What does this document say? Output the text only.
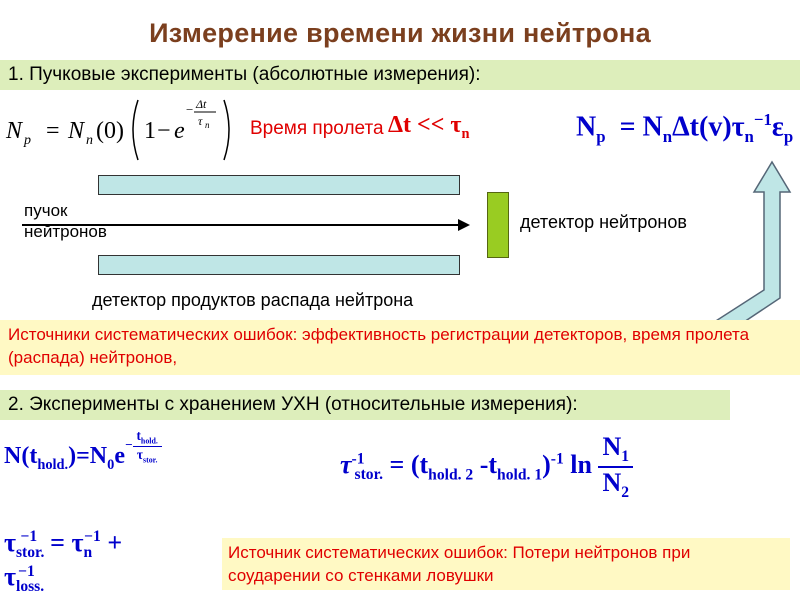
Измерение времени жизни нейтрона
1. Пучковые эксперименты (абсолютные измерения):
N p = N n (0) 1 − e
− Δt
τ n Время пролета $\Delta t << \tau_n$	$N_p = N_n\Delta t(v)\tau_n^{-1}\varepsilon_p$
пучок
нейтронов	детектор нейтронов
детектор продуктов распада нейтрона
Источники систематических ошибок: эффективность регистрации детекторов, время пролета (распада) нейтронов,
2. Эксперименты с хранением УХН (относительные измерения):
$N(t_{hold.})=N_0e^{- \frac{t_{hold.}}{\tau_{stor.}}}$
$\tau^{-1}_{stor.} = (t_{hold. 2}$ $-t_{hold. 1})^{-1}$ $\ln \frac{N_1}{N_2}$
$\tau_{stor.}^{-1} = \tau_n^{-1} + \tau_{loss.}^{-1}$
Источник систематических ошибок: Потери нейтронов при соударении со стенками ловушки
